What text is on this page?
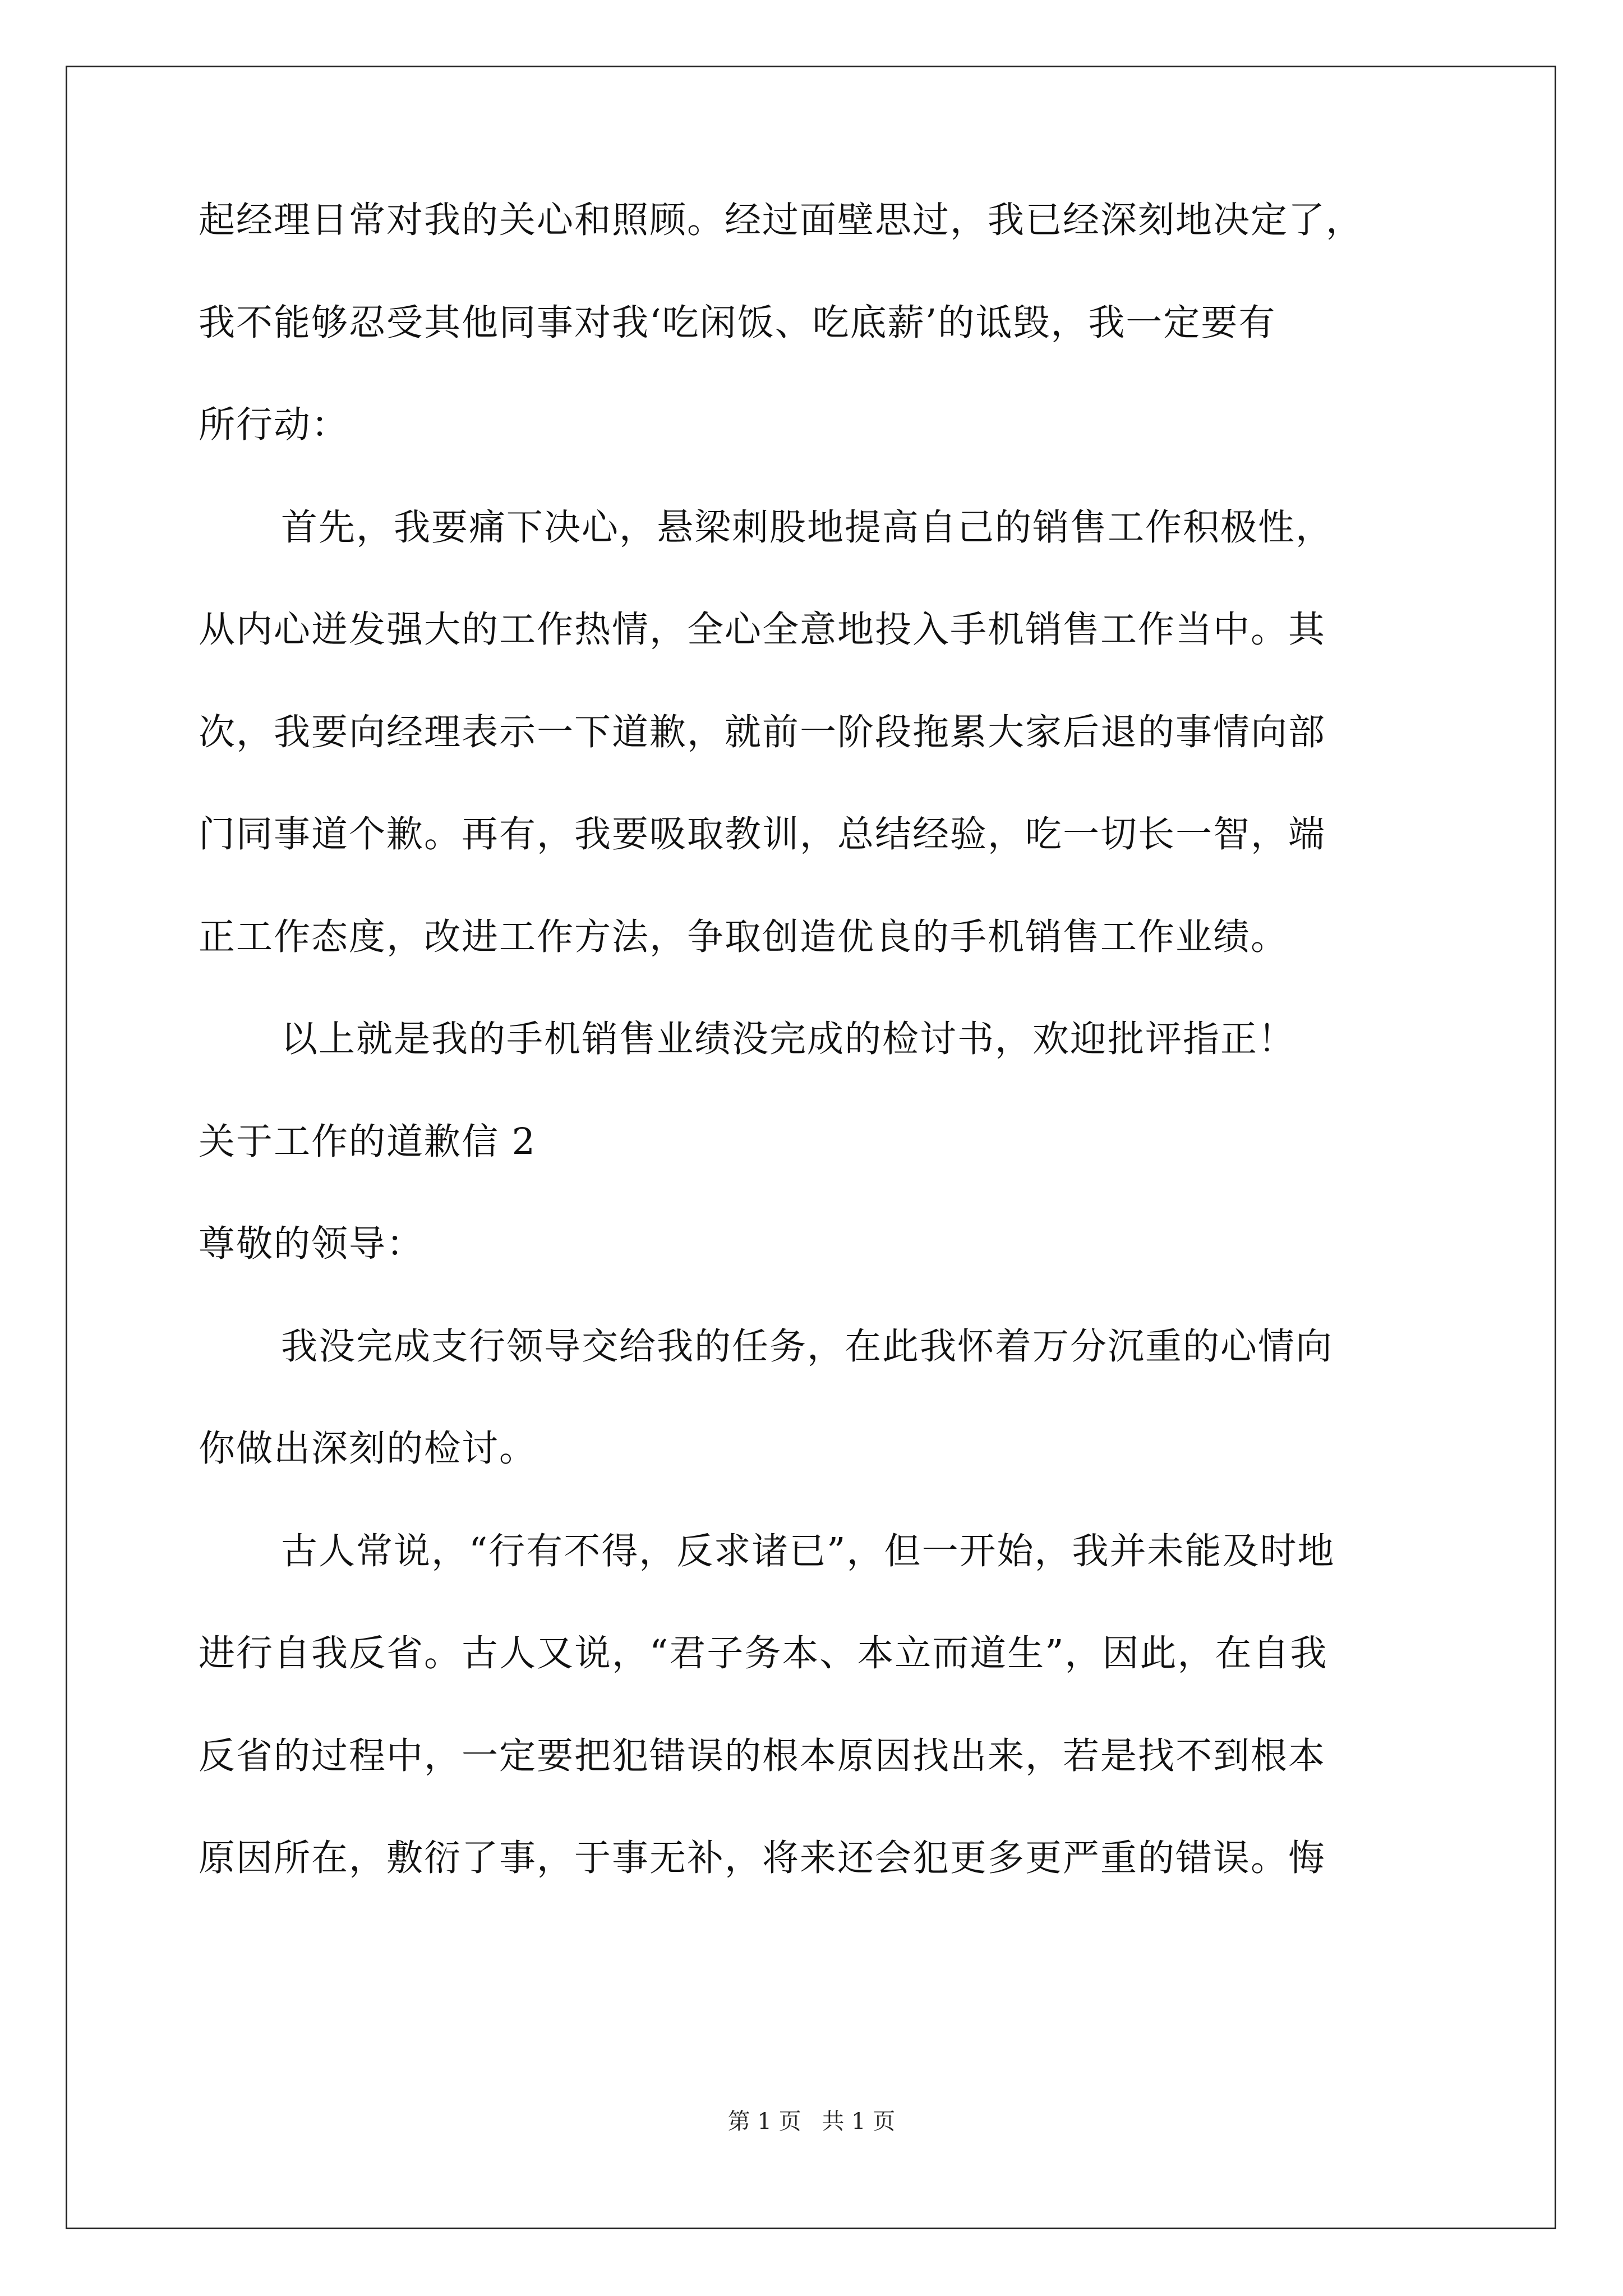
起经理日常对我的关心和照顾。经过面壁思过，我已经深刻地决定了，

我不能够忍受其他同事对我‘吃闲饭、吃底薪’的诋毁，我一定要有

所行动：

首先，我要痛下决心，悬梁刺股地提高自己的销售工作积极性，

从内心迸发强大的工作热情，全心全意地投入手机销售工作当中。其

次，我要向经理表示一下道歉，就前一阶段拖累大家后退的事情向部

门同事道个歉。再有，我要吸取教训，总结经验，吃一切长一智，端

正工作态度，改进工作方法，争取创造优良的手机销售工作业绩。

以上就是我的手机销售业绩没完成的检讨书，欢迎批评指正！

关于工作的道歉信 2

尊敬的领导：

我没完成支行领导交给我的任务，在此我怀着万分沉重的心情向

你做出深刻的检讨。

古人常说，“行有不得，反求诸已”，但一开始，我并未能及时地

进行自我反省。古人又说，“君子务本、本立而道生”，因此，在自我

反省的过程中，一定要把犯错误的根本原因找出来，若是找不到根本

原因所在，敷衍了事，于事无补，将来还会犯更多更严重的错误。悔

第 1 页 共 1 页
